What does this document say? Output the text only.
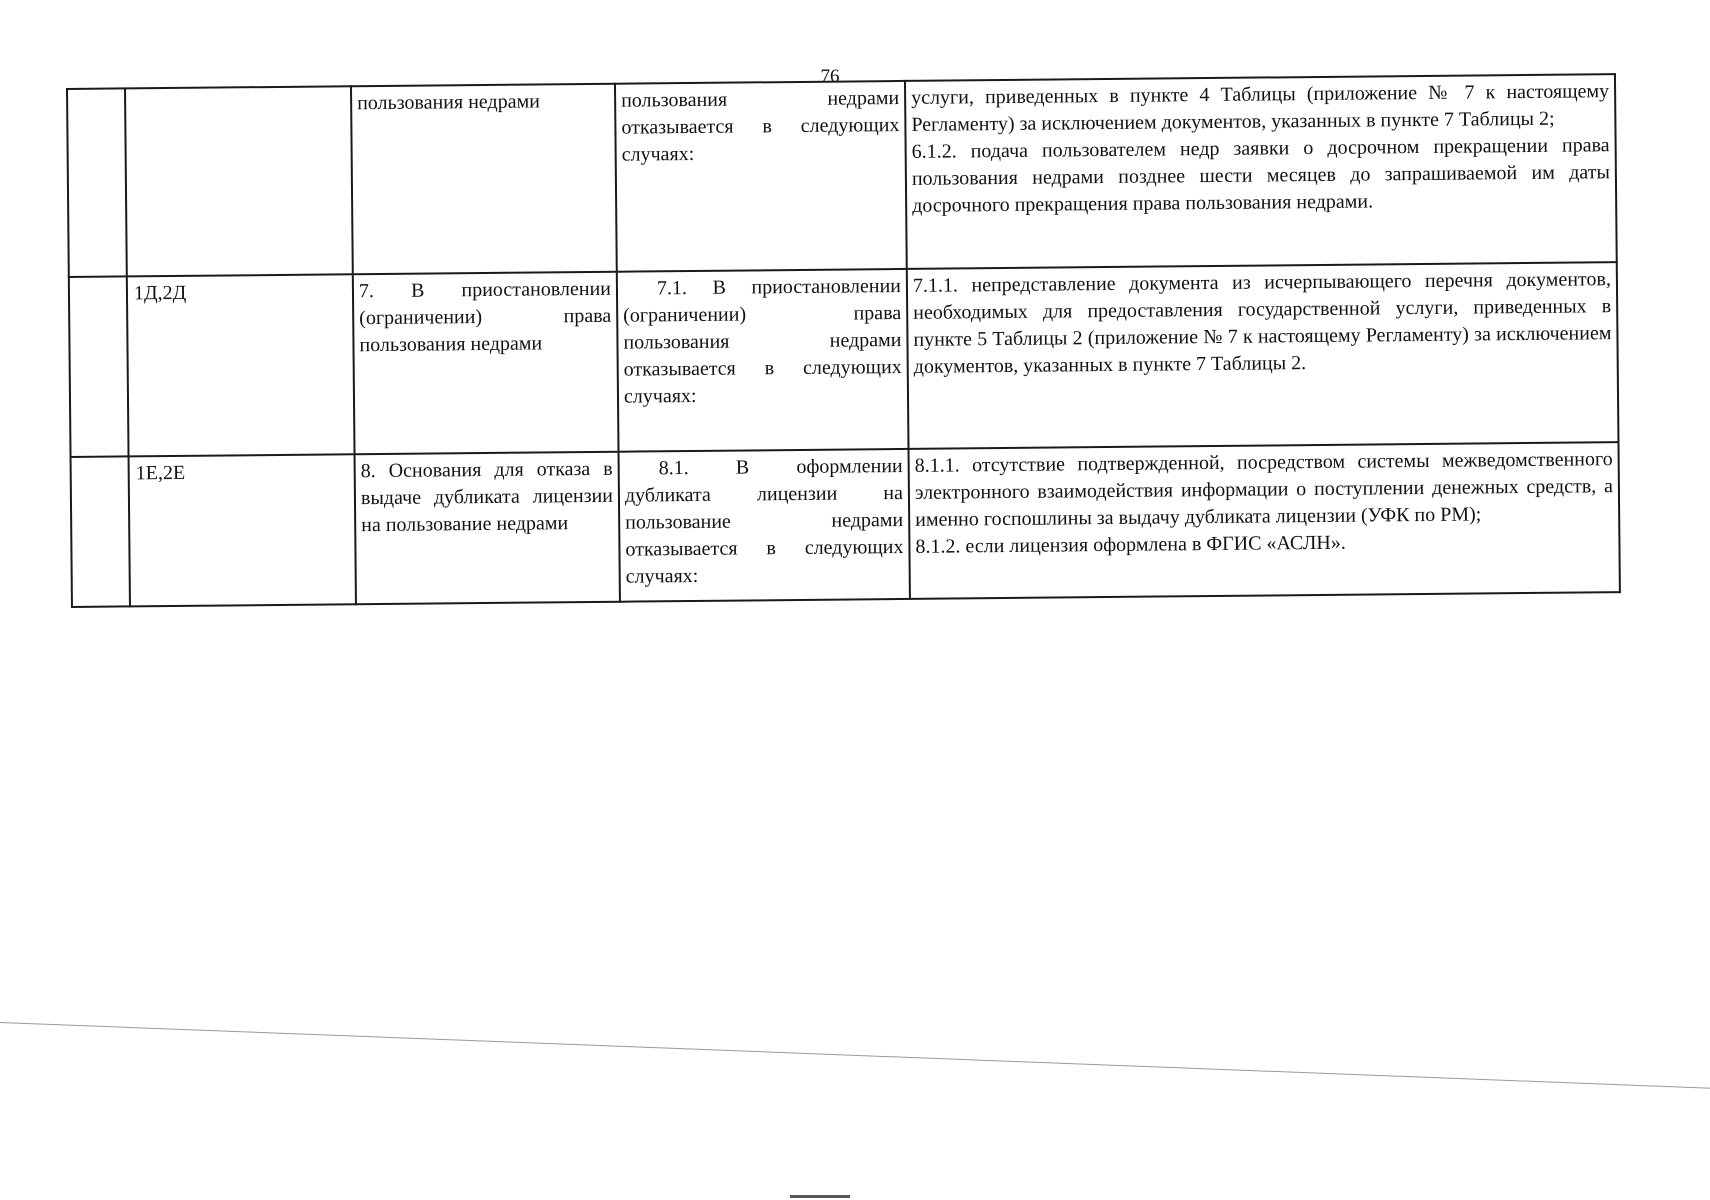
76
		пользования недрами	пользования недрами отказывается в следующих случаях:	услуги, приведенных в пункте 4 Таблицы (приложение № 7 к настоящему Регламенту) за исключением документов, указанных в пункте 7 Таблицы 2;

6.1.2. подача пользователем недр заявки о досрочном прекращении права пользования недрами позднее шести месяцев до запрашиваемой им даты досрочного прекращения права пользования недрами.

	1Д,2Д	7. В приостановлении (ограничении) права пользования недрами	7.1. В приостановлении (ограничении) права пользования недрами отказывается в следующих случаях:	7.1.1. непредставление документа из исчерпывающего перечня документов, необходимых для предоставления государственной услуги, приведенных в пункте 5 Таблицы 2 (приложение № 7 к настоящему Регламенту) за исключением документов, указанных в пункте 7 Таблицы 2.

	1Е,2Е	8. Основания для отказа в выдаче дубликата лицензии на пользование недрами	8.1. В оформлении дубликата лицензии на пользование недрами отказывается в следующих случаях:	8.1.1. отсутствие подтвержденной, посредством системы межведомственного электронного взаимодействия информации о поступлении денежных средств, а именно госпошлины за выдачу дубликата лицензии (УФК по РМ);

8.1.2. если лицензия оформлена в ФГИС «АСЛН».
